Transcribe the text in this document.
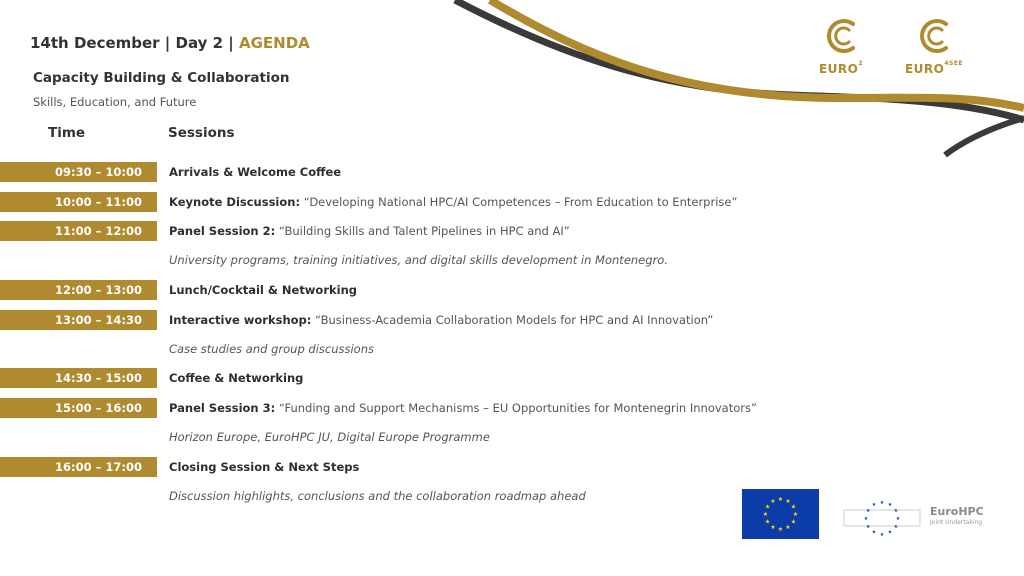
14th December | Day 2 | AGENDA
Capacity Building & Collaboration
Skills, Education, and Future
Time	Sessions
09:30 – 10:00	Arrivals & Welcome Coffee
10:00 – 11:00	Keynote Discussion: “Developing National HPC/AI Competences – From Education to Enterprise”
11:00 – 12:00	Panel Session 2: “Building Skills and Talent Pipelines in HPC and AI”
University programs, training initiatives, and digital skills development in Montenegro.
12:00 – 13:00	Lunch/Cocktail & Networking
13:00 – 14:30	Interactive workshop: “Business-Academia Collaboration Models for HPC and AI Innovation”
Case studies and group discussions
14:30 – 15:00	Coffee & Networking
15:00 – 16:00	Panel Session 3: “Funding and Support Mechanisms – EU Opportunities for Montenegrin Innovators”
Horizon Europe, EuroHPC JU, Digital Europe Programme
16:00 – 17:00	Closing Session & Next Steps
Discussion highlights, conclusions and the collaboration roadmap ahead
EURO$^2$	$EURO^{4SEE}$
★
★
★
★
★
★
★
★
★ ★ ★
★
★
★
★
★
★
★
★
★
★ ★ ★
★	EuroHPC
Joint Undertaking
